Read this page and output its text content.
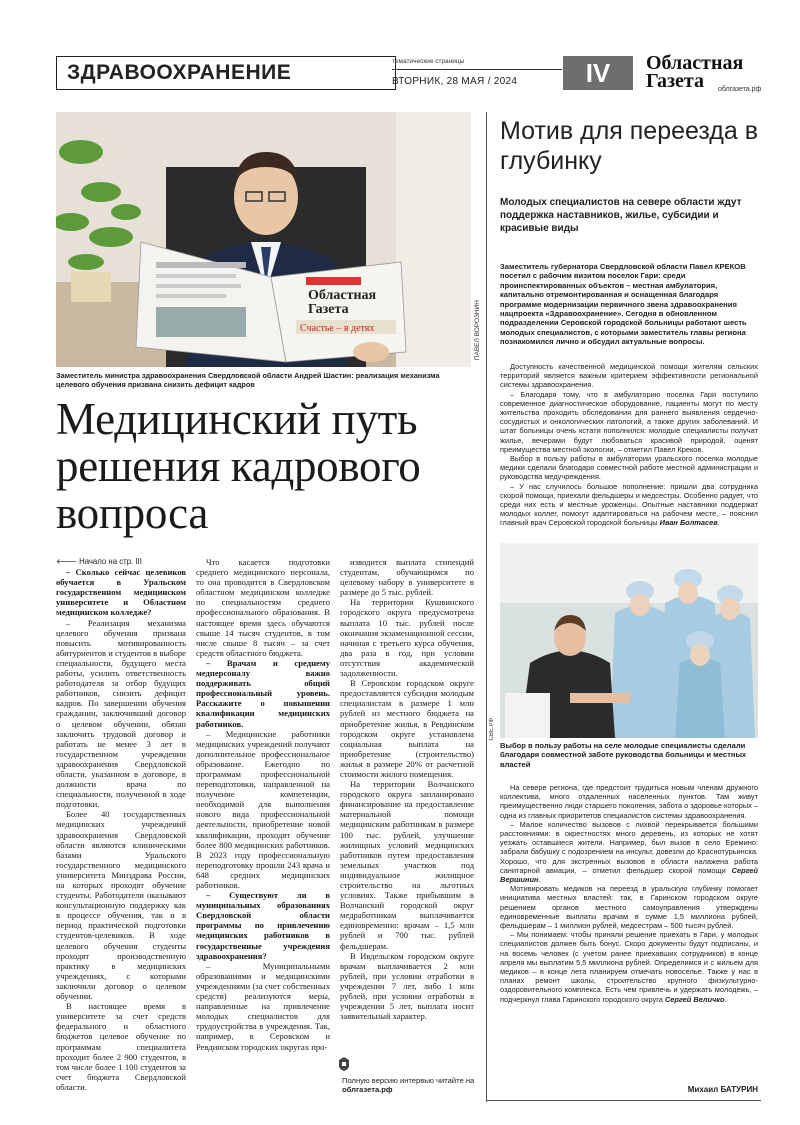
ЗДРАВООХРАНЕНИЕ	тематические страницы
ВТОРНИК, 28 МАЯ / 2024	IV	Областная
Газета	облгазета.рф
Областная
Газета
Счастье – в детях	ПАВЕЛ ВОРОЗНИН
Заместитель министра здравоохранения Свердловской области Андрей Шастин: реализация механизма целевого обучения призвана снизить дефицит кадров
Медицинский путь решения кадрового вопроса

🡐 Начало на стр. III

– Сколько сейчас целевиков обучается в Уральском государственном медицинском университете и Областном медицинском колледже?

– Реализация механизма целевого обучения призвана повысить мотивированность абитуриентов и студентов в выборе специальности, будущего места работы, усилить ответственность работодателя за отбор будущих работников, снизить дефицит кадров. По завершении обучения гражданин, заключивший договор о целевом обучении, обязан заключить трудовой договор и работать не менее 3 лет в государственном учреждении здравоохранения Свердловской области, указанном в договоре, в должности врача по специальности, полученной в ходе подготовки.

Более 40 государственных медицинских учреждений здравоохранения Свердловской области являются клиническими базами Уральского государственного медицинского университета Минздрава России, на которых проходят обучение студенты. Работодатели оказывают консультационную поддержку как в процессе обучения, так и в период практической подготовки студентов-целевиков. В ходе целевого обучения студенты проходят производственную практику в медицинских учреждениях, с которыми заключили договор о целевом обучении.

В настоящее время в университете за счет средств федерального и областного бюджетов целевое обучение по программам специалитета проходит более 2 900 студентов, в том числе более 1 100 студентов за счет бюджета Свердловской области.

Что касается подготовки среднего медицинского персонала, то она проводится в Свердловском областном медицинском колледже по специальностям среднего профессионального образования. В настоящее время здесь обучаются свыше 14 тысяч студентов, в том числе свыше 8 тысяч – за счет средств областного бюджета.

– Врачам и среднему медперсоналу важно поддерживать общий профессиональный уровень. Расскажите о повышении квалификации медицинских работников.

– Медицинские работники медицинских учреждений получают дополнительное профессиональное образование. Ежегодно по программам профессиональной переподготовки, направленной на получение компетенции, необходимой для выполнения нового вида профессиональной деятельности, приобретение новой квалификации, проходят обучение более 800 медицинских работников. В 2023 году профессиональную переподготовку прошли 243 врача и 648 средних медицинских работников.

– Существуют ли в муниципальных образованиях Свердловской области программы по привлечению медицинских работников в государственные учреждения здравоохранения?

– Муниципальными образованиями и медицинскими учреждениями (за счет собственных средств) реализуются меры, направленные на привлечение молодых специалистов для трудоустройства в учреждения. Так, например, в Серовском и Ревдинском городских округах про-

изводится выплата стипендий студентам, обучающимся по целевому набору в университете в размере до 5 тыс. рублей.

На территории Кушвинского городского округа предусмотрена выплата 10 тыс. рублей после окончания экзаменационной сессии, начиная с третьего курса обучения, два раза в год, при условии отсутствия академической задолженности.

В Серовском городском округе предоставляется субсидия молодым специалистам в размере 1 млн рублей из местного бюджета на приобретение жилья, в Ревдинском городском округе установлена социальная выплата на приобретение (строительство) жилья в размере 20% от расчетной стоимости жилого помещения.

На территории Волчанского городского округа запланировано финансирование на предоставление материальной помощи медицинским работникам в размере 100 тыс. рублей, улучшение жилищных условий медицинских работников путем предоставления земельных участков под индивидуальное жилищное строительство на льготных условиях. Также прибывшим в Волчанский городской округ медработникам выплачивается единовременно: врачам – 1,5 млн рублей и 700 тыс. рублей фельдшерам.

В Ивдельском городском округе врачам выплачивается 2 млн рублей, при условии отработки в учреждении 7 лет, либо 1 млн рублей, при условии отработки в учреждении 5 лет, выплата носит заявительный характер.

Полную версию интервью читайте на облгазета.рф
Мотив для переезда в глубинку
Молодых специалистов на севере области ждут поддержка наставников, жилье, субсидии и красивые виды
Заместитель губернатора Свердловской области Павел КРЕКОВ посетил с рабочим визитом поселок Гари: среди проинспектированных объектов – местная амбулатория, капитально отремонтированная и оснащенная благодаря программе модернизации первичного звена здравоохранения нацпроекта «Здравоохранение». Сегодня в обновленном подразделении Серовской городской больницы работают шесть молодых специалистов, с которыми заместитель главы региона познакомился лично и обсудил актуальные вопросы.

Доступность качественной медицинской помощи жителям сельских территорий является важным критерием эффективности региональной системы здравоохранения.

– Благодаря тому, что в амбулаторию поселка Гари поступило современное диагностическое оборудование, пациенты могут по месту жительства проходить обследования для раннего выявления сердечно-сосудистых и онкологических патологий, а также других заболеваний. И штат больницы очень кстати пополнился: молодые специалисты получат жилье, вечерами будут любоваться красивой природой, оценят преимущества местной экологии, – отметил Павел Креков.

Выбор в пользу работы в амбулатории уральского поселка молодые медики сделали благодаря совместной работе местной администрации и руководства медучреждения.

– У нас случилось большое пополнение: пришли два сотрудника скорой помощи, приехали фельдшеры и медсестры. Особенно радует, что среди них есть и местные уроженцы. Опытные наставники поддержат молодых коллег, помогут адаптироваться на рабочем месте, – пояснил главный врач Серовской городской больницы Иван Болтасев.

СВЕ.РФ
Выбор в пользу работы на селе молодые специалисты сделали благодаря совместной заботе руководства больницы и местных властей

На севере региона, где предстоит трудиться новым членам дружного коллектива, много отдаленных населенных пунктов. Там живут преимущественно люди старшего поколения, забота о здоровье которых – одна из главных приоритетов специалистов системы здравоохранения.

– Малое количество вызовов с лихвой перекрывается большими расстояниями: в окрестностях много деревень, из которых не хотят уезжать оставшиеся жители. Например, был вызов в село Еремино: забрали бабушку с подозрением на инсульт, довезли до Краснотурьинска. Хорошо, что для экстренных вызовов в области налажена работа санитарной авиации, – отметил фельдшер скорой помощи Сергей Вершинин.

Мотивировать медиков на переезд в уральскую глубинку помогает инициатива местных властей: так, в Гаринском городском округе решением органов местного самоуправления утверждены единовременные выплаты врачам в сумме 1,5 миллиона рублей, фельдшерам – 1 миллион рублей, медсестрам – 500 тысяч рублей.

– Мы понимаем: чтобы приняли решение приехать в Гари, у молодых специалистов должен быть бонус. Скоро документы будут подписаны, и на восемь человек (с учетом ранее приехавших сотрудников) в конце апреля мы выплатим 5,5 миллиона рублей. Определимся и с жильем для медиков – в конце лета планируем отмечать новоселье. Также у нас в планах ремонт школы, строительство крупного физкультурно-оздоровительного комплекса. Есть чем привлечь и удержать молодежь, – подчеркнул глава Гаринского городского округа Сергей Величко.

Михаил БАТУРИН
